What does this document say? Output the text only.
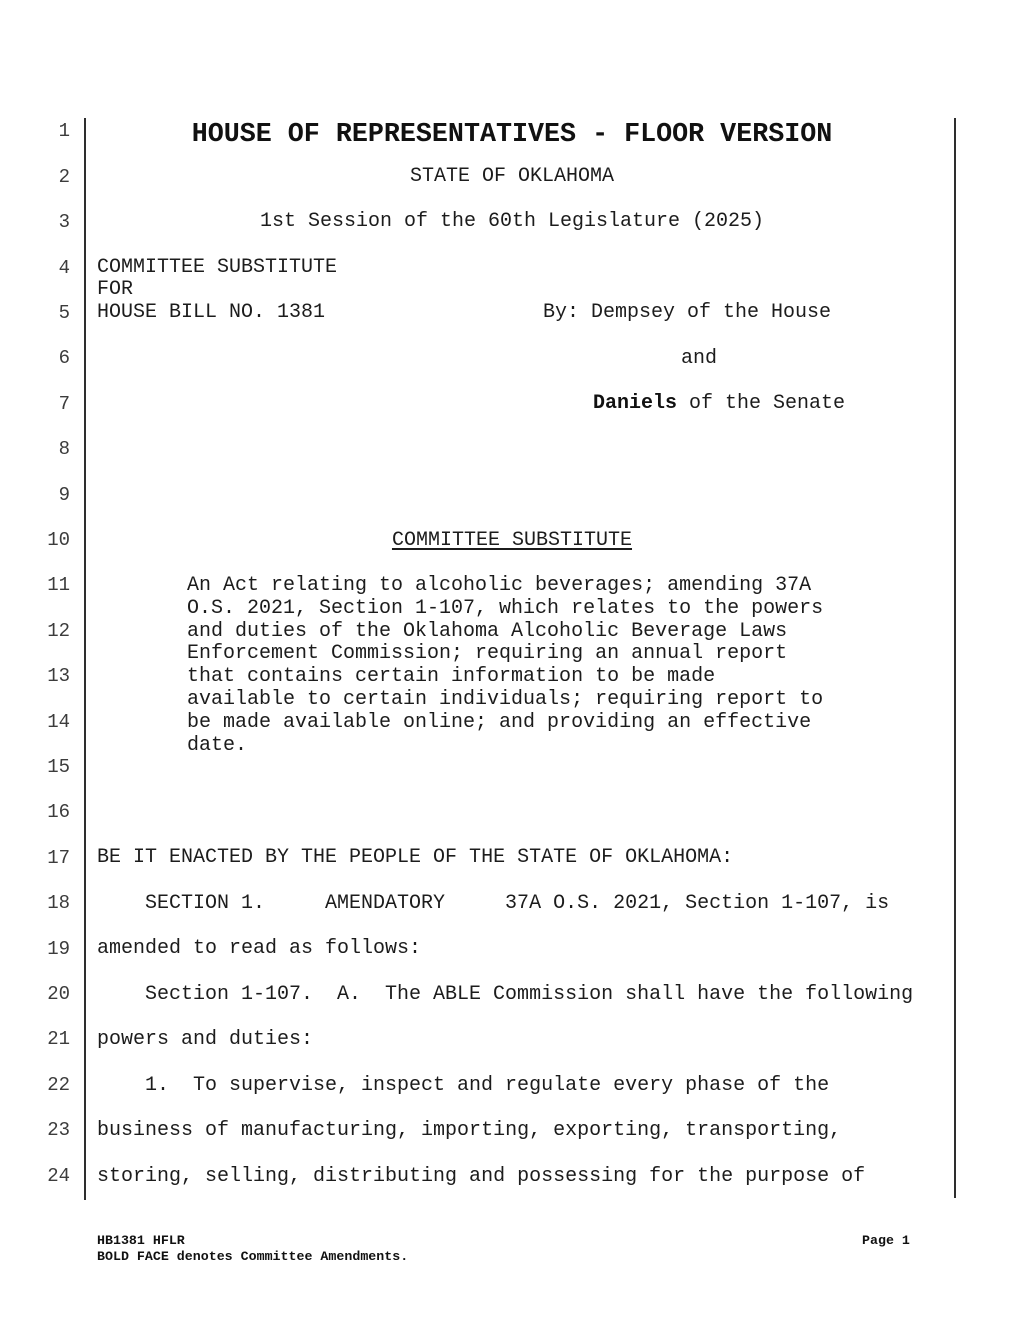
1
2
3
4
5
6
7
8
9
10
11
12
13
14
15
16
17
18
19
20
21
22
23
24
HOUSE OF REPRESENTATIVES - FLOOR VERSION
STATE OF OKLAHOMA
1st Session of the 60th Legislature (2025)
COMMITTEE SUBSTITUTE
FOR
HOUSE BILL NO. 1381	By: Dempsey of the House
and
Daniels of the Senate
COMMITTEE SUBSTITUTE
An Act relating to alcoholic beverages; amending 37A
O.S. 2021, Section 1-107, which relates to the powers
and duties of the Oklahoma Alcoholic Beverage Laws
Enforcement Commission; requiring an annual report
that contains certain information to be made
available to certain individuals; requiring report to
be made available online; and providing an effective
date.
BE IT ENACTED BY THE PEOPLE OF THE STATE OF OKLAHOMA:
SECTION 1.     AMENDATORY     37A O.S. 2021, Section 1-107, is
amended to read as follows:
Section 1-107.  A.  The ABLE Commission shall have the following
powers and duties:
1.  To supervise, inspect and regulate every phase of the
business of manufacturing, importing, exporting, transporting,
storing, selling, distributing and possessing for the purpose of
HB1381 HFLR
BOLD FACE denotes Committee Amendments.
Page 1
